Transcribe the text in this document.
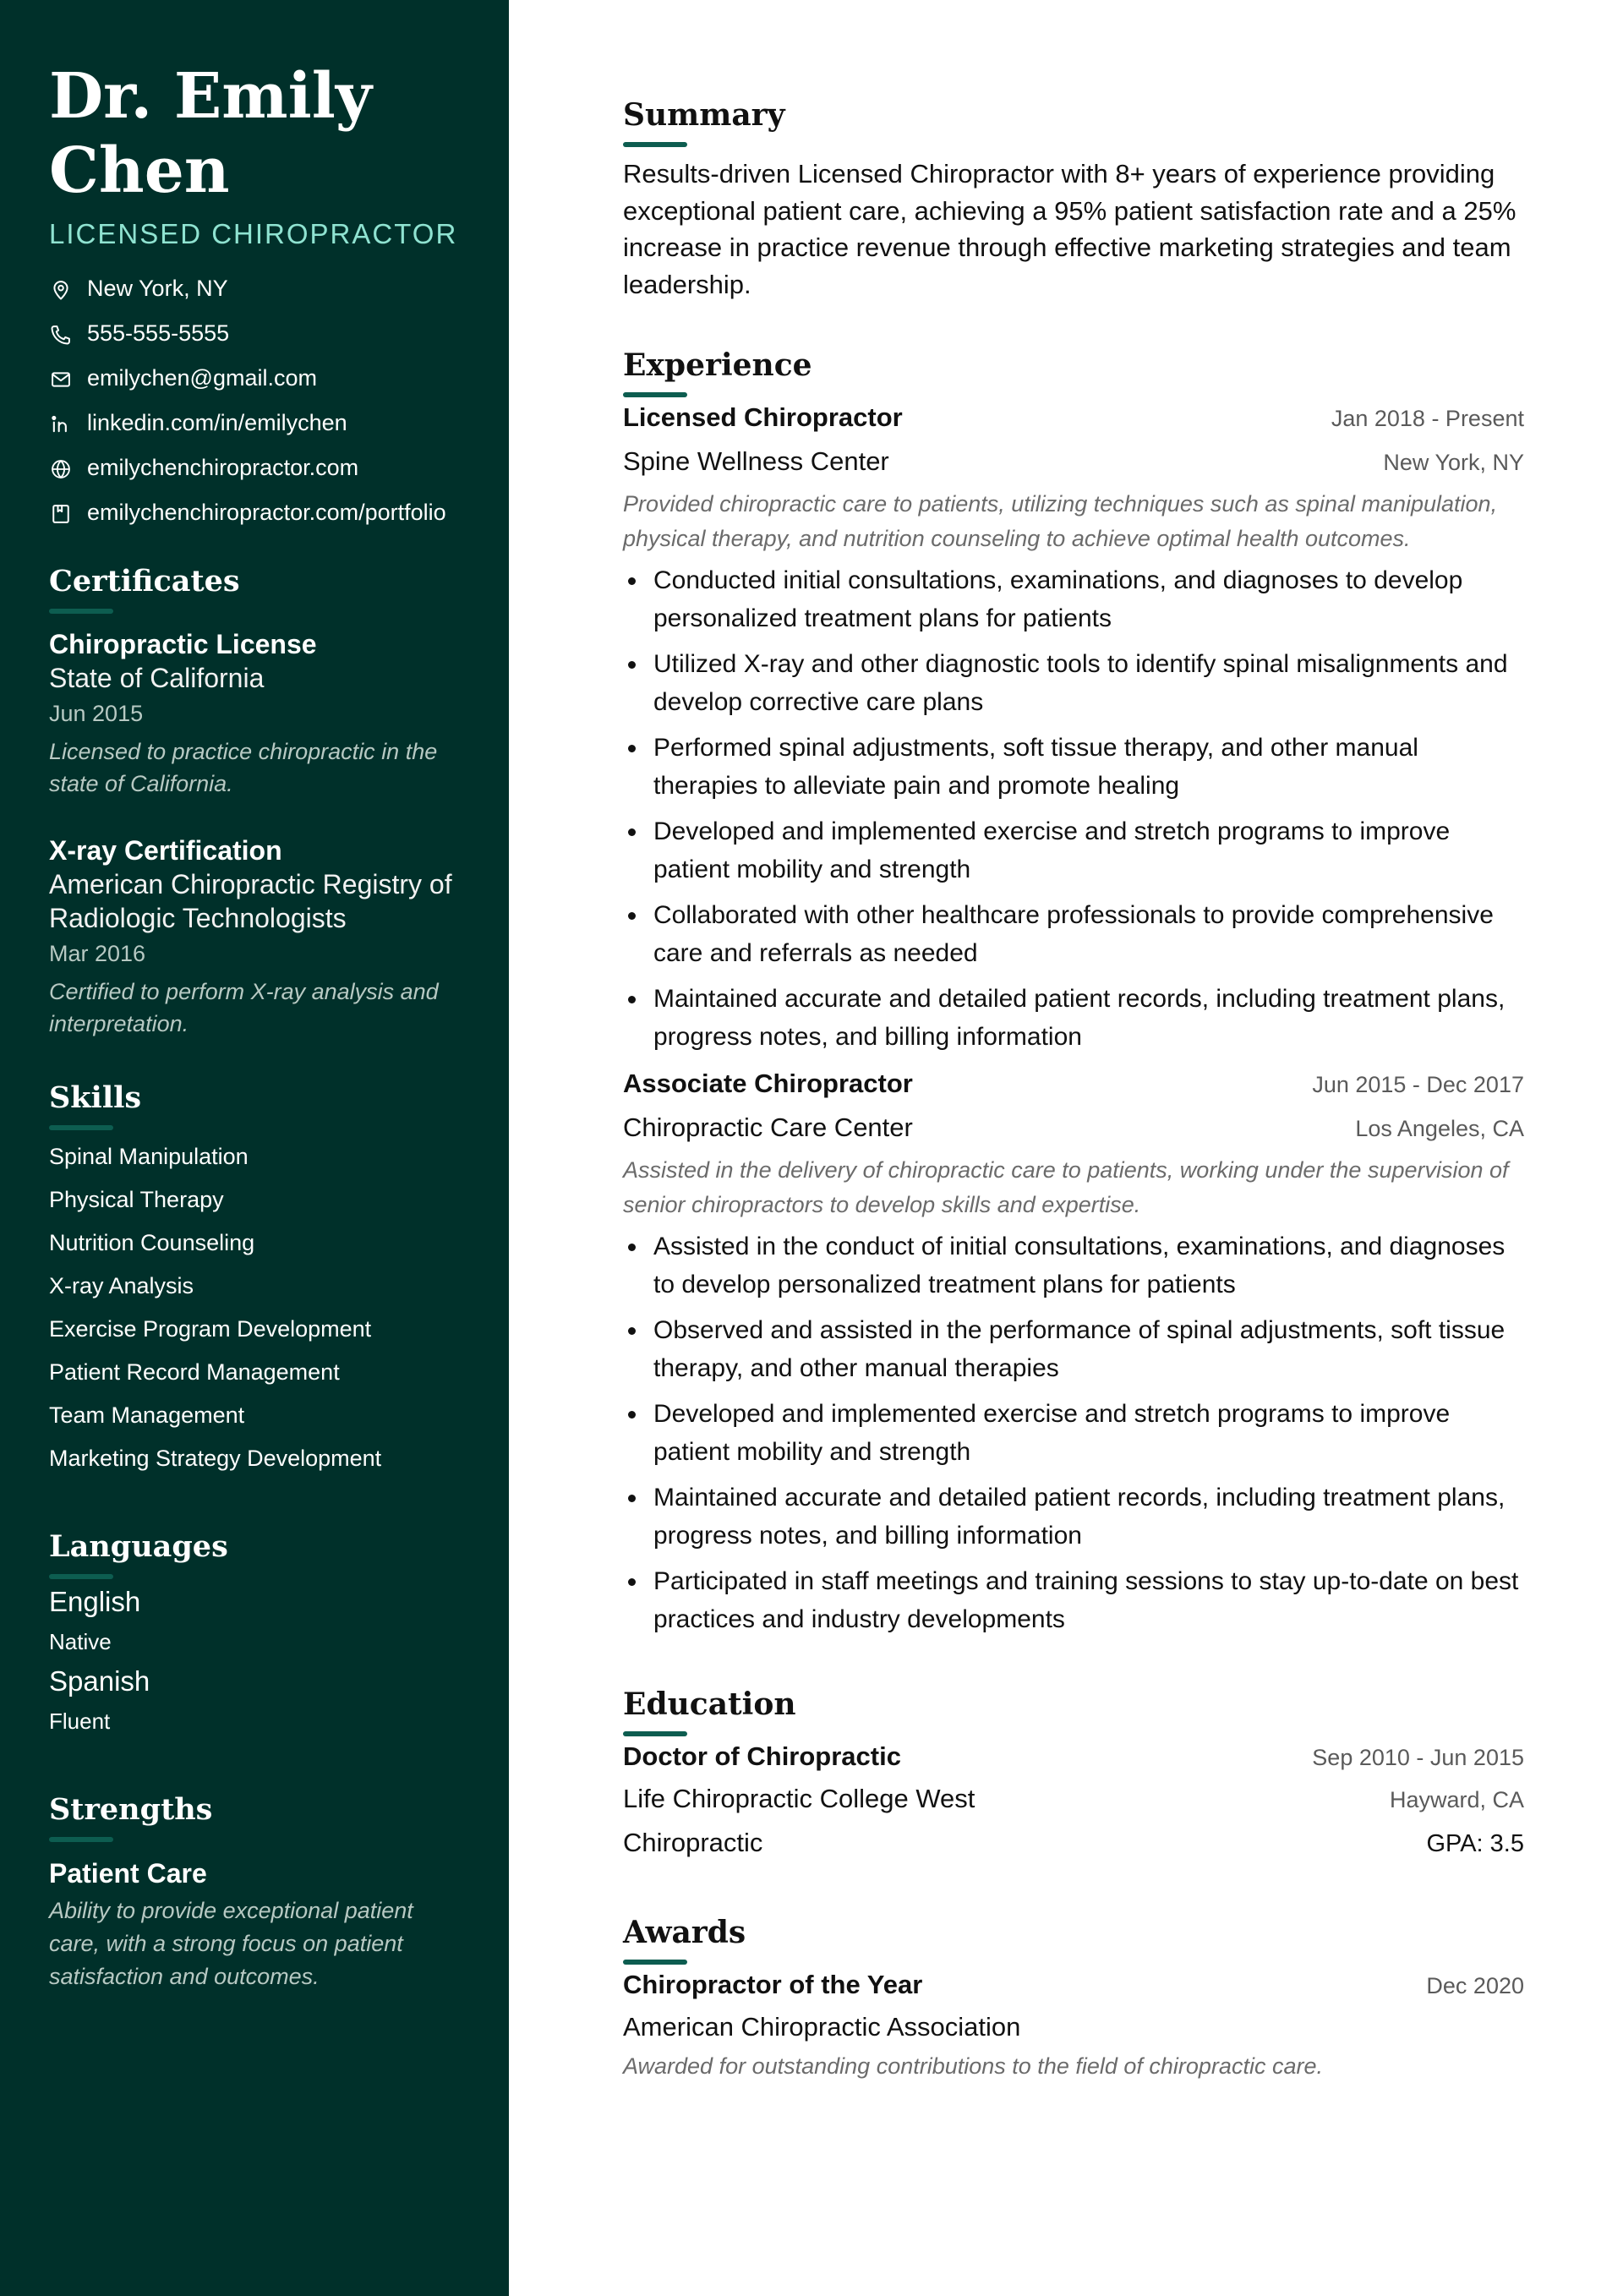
Dr. Emily
Chen
LICENSED CHIROPRACTOR
New York, NY
555-555-5555
emilychen@gmail.com
linkedin.com/in/emilychen
emilychenchiropractor.com
emilychenchiropractor.com/portfolio
Certificates
Chiropractic License
State of California
Jun 2015
Licensed to practice chiropractic in the state of California.
X-ray Certification
American Chiropractic Registry of Radiologic Technologists
Mar 2016
Certified to perform X-ray analysis and interpretation.
Skills
Spinal Manipulation
Physical Therapy
Nutrition Counseling
X-ray Analysis
Exercise Program Development
Patient Record Management
Team Management
Marketing Strategy Development
Languages
English
Native
Spanish
Fluent
Strengths
Patient Care
Ability to provide exceptional patient care, with a strong focus on patient satisfaction and outcomes.
Summary
Results-driven Licensed Chiropractor with 8+ years of experience providing exceptional patient care, achieving a 95% patient satisfaction rate and a 25% increase in practice revenue through effective marketing strategies and team leadership.
Experience
Licensed Chiropractor	Jan 2018 - Present
Spine Wellness Center	New York, NY
Provided chiropractic care to patients, utilizing techniques such as spinal manipulation, physical therapy, and nutrition counseling to achieve optimal health outcomes.
Conducted initial consultations, examinations, and diagnoses to develop personalized treatment plans for patients
Utilized X-ray and other diagnostic tools to identify spinal misalignments and develop corrective care plans
Performed spinal adjustments, soft tissue therapy, and other manual therapies to alleviate pain and promote healing
Developed and implemented exercise and stretch programs to improve patient mobility and strength
Collaborated with other healthcare professionals to provide comprehensive care and referrals as needed
Maintained accurate and detailed patient records, including treatment plans, progress notes, and billing information
Associate Chiropractor	Jun 2015 - Dec 2017
Chiropractic Care Center	Los Angeles, CA
Assisted in the delivery of chiropractic care to patients, working under the supervision of senior chiropractors to develop skills and expertise.
Assisted in the conduct of initial consultations, examinations, and diagnoses to develop personalized treatment plans for patients
Observed and assisted in the performance of spinal adjustments, soft tissue therapy, and other manual therapies
Developed and implemented exercise and stretch programs to improve patient mobility and strength
Maintained accurate and detailed patient records, including treatment plans, progress notes, and billing information
Participated in staff meetings and training sessions to stay up-to-date on best practices and industry developments
Education
Doctor of Chiropractic	Sep 2010 - Jun 2015
Life Chiropractic College West	Hayward, CA
Chiropractic	GPA: 3.5
Awards
Chiropractor of the Year	Dec 2020
American Chiropractic Association
Awarded for outstanding contributions to the field of chiropractic care.
